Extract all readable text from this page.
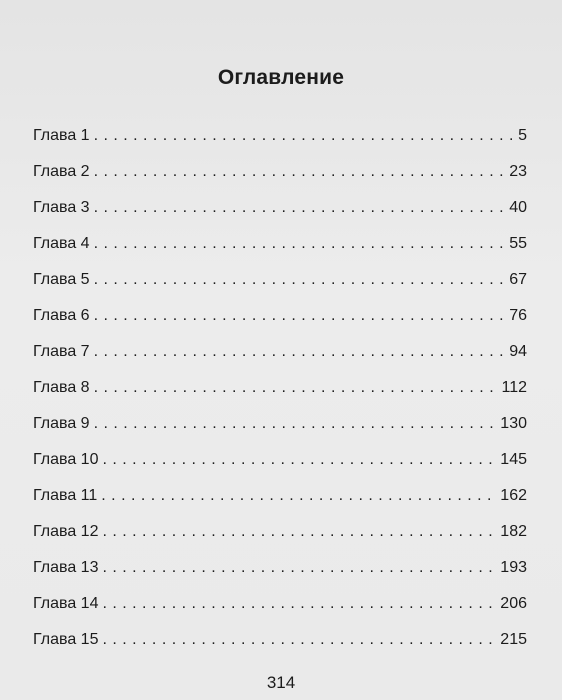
Оглавление
Глава 1 . . .	5
Глава 2 . . .	23
Глава 3 . . .	40
Глава 4 . . .	55
Глава 5 . . .	67
Глава 6 . . .	76
Глава 7 . . .	94
Глава 8 . . .	112
Глава 9 . . .	130
Глава 10 . . .	145
Глава 11 . . .	162
Глава 12 . . .	182
Глава 13 . . .	193
Глава 14 . . .	206
Глава 15 . . .	215
314
